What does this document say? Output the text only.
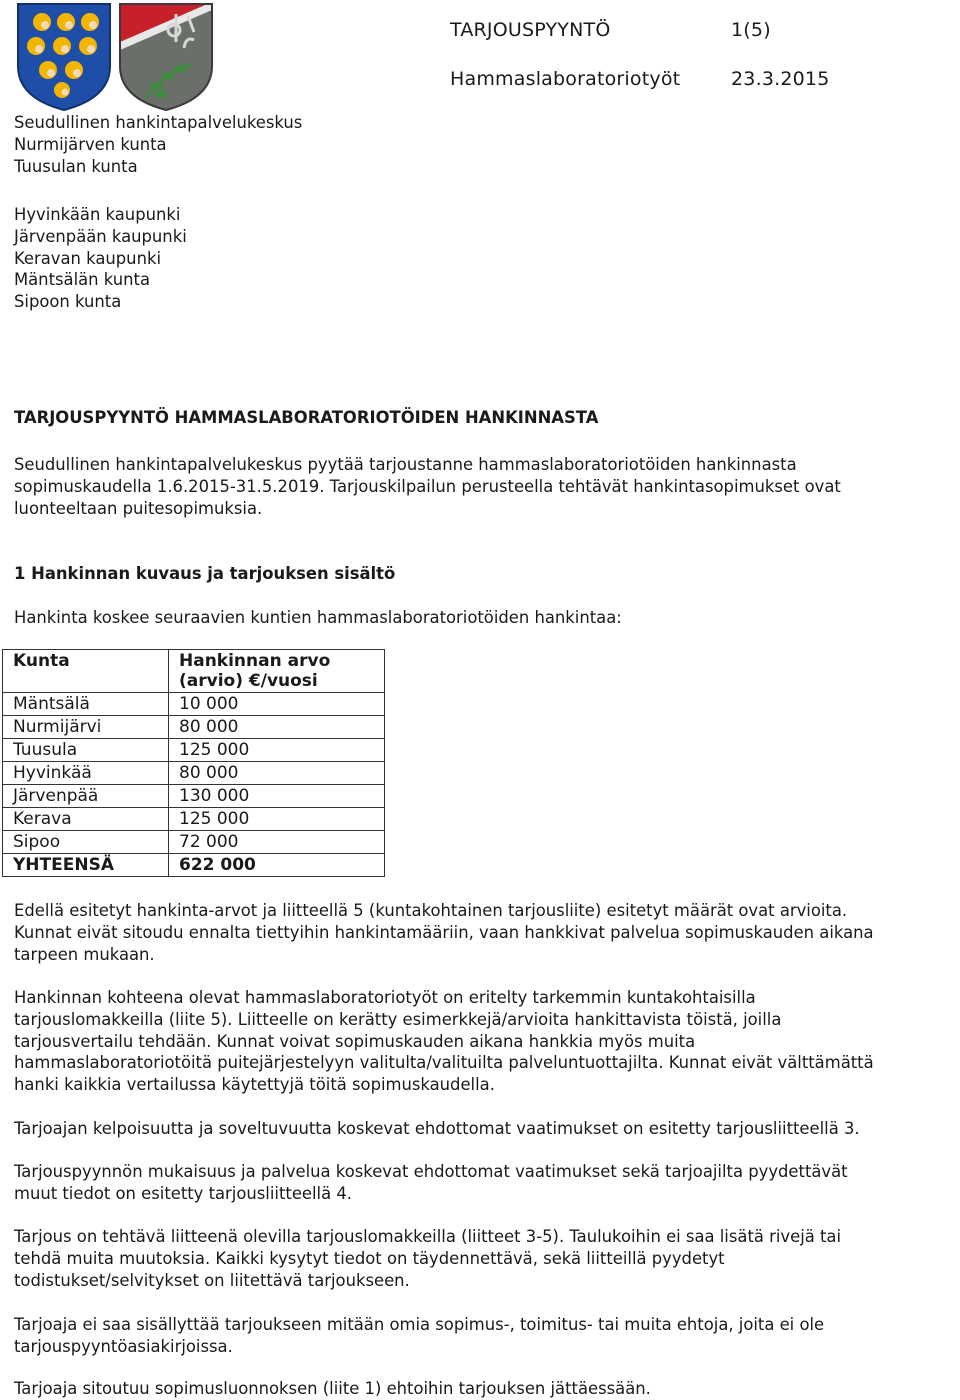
TARJOUSPYYNTÖ	1(5)
Hammaslaboratoriotyöt	23.3.2015

Seudullinen hankintapalvelukeskus

Nurmijärven kunta

Tuusulan kunta

Hyvinkään kaupunki

Järvenpään kaupunki

Keravan kaupunki

Mäntsälän kunta

Sipoon kunta

TARJOUSPYYNTÖ HAMMASLABORATORIOTÖIDEN HANKINNASTA

Seudullinen hankintapalvelukeskus pyytää tarjoustanne hammaslaboratoriotöiden hankinnasta
sopimuskaudella 1.6.2015-31.5.2019. Tarjouskilpailun perusteella tehtävät hankintasopimukset ovat
luonteeltaan puitesopimuksia.

1 Hankinnan kuvaus ja tarjouksen sisältö
Hankinta koskee seuraavien kuntien hammaslaboratoriotöiden hankintaa:
Kunta	Hankinnan arvo (arvio) €/vuosi
Mäntsälä	10 000
Nurmijärvi	80 000
Tuusula	125 000
Hyvinkää	80 000
Järvenpää	130 000
Kerava	125 000
Sipoo	72 000
YHTEENSÄ	622 000

Edellä esitetyt hankinta-arvot ja liitteellä 5 (kuntakohtainen tarjousliite) esitetyt määrät ovat arvioita.
Kunnat eivät sitoudu ennalta tiettyihin hankintamääriin, vaan hankkivat palvelua sopimuskauden aikana
tarpeen mukaan.

Hankinnan kohteena olevat hammaslaboratoriotyöt on eritelty tarkemmin kuntakohtaisilla
tarjouslomakkeilla (liite 5). Liitteelle on kerätty esimerkkejä/arvioita hankittavista töistä, joilla
tarjousvertailu tehdään. Kunnat voivat sopimuskauden aikana hankkia myös muita
hammaslaboratoriotöitä puitejärjestelyyn valitulta/valituilta palveluntuottajilta. Kunnat eivät välttämättä
hanki kaikkia vertailussa käytettyjä töitä sopimuskaudella.

Tarjoajan kelpoisuutta ja soveltuvuutta koskevat ehdottomat vaatimukset on esitetty tarjousliitteellä 3.

Tarjouspyynnön mukaisuus ja palvelua koskevat ehdottomat vaatimukset sekä tarjoajilta pyydettävät
muut tiedot on esitetty tarjousliitteellä 4.

Tarjous on tehtävä liitteenä olevilla tarjouslomakkeilla (liitteet 3-5). Taulukoihin ei saa lisätä rivejä tai
tehdä muita muutoksia. Kaikki kysytyt tiedot on täydennettävä, sekä liitteillä pyydetyt
todistukset/selvitykset on liitettävä tarjoukseen.

Tarjoaja ei saa sisällyttää tarjoukseen mitään omia sopimus-, toimitus- tai muita ehtoja, joita ei ole
tarjouspyyntöasiakirjoissa.

Tarjoaja sitoutuu sopimusluonnoksen (liite 1) ehtoihin tarjouksen jättäessään.
